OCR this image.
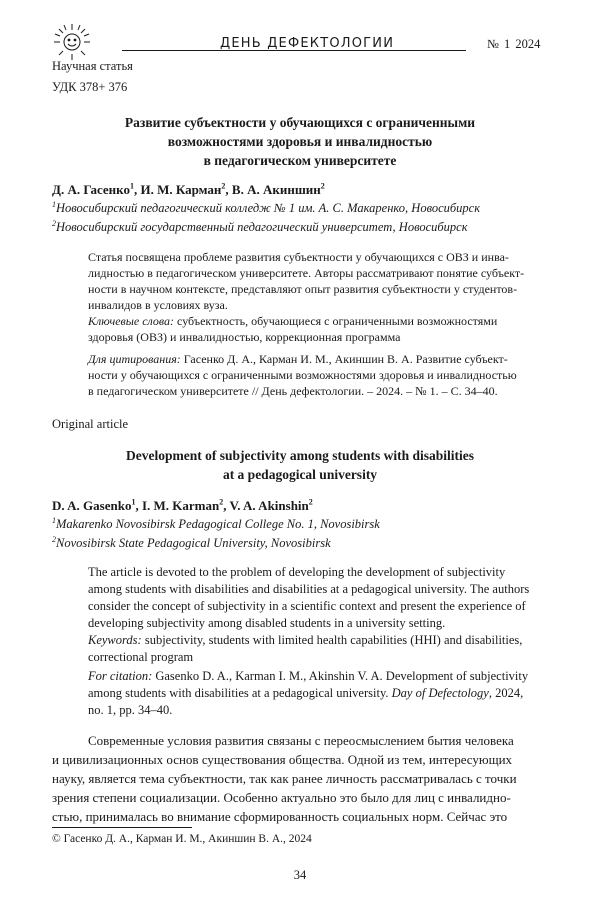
ДЕНЬ ДЕФЕКТОЛОГИИ	№ 1 2024
Научная статья
УДК 378+ 376
Развитие субъектности у обучающихся с ограниченными
возможностями здоровья и инвалидностью
в педагогическом университете
Д. А. Гасенко$^1$, И. М. Карман$^2$, В. А. Акиншин$^2$
$^1$Новосибирский педагогический колледж № 1 им. А. С. Макаренко, Новосибирск
$^2$Новосибирский государственный педагогический университет, Новосибирск
Статья посвящена проблеме развития субъектности у обучающихся с ОВЗ и инва-
лидностью в педагогическом университете. Авторы рассматривают понятие субъект-
ности в научном контексте, представляют опыт развития субъектности у студентов-
инвалидов в условиях вуза.
Ключевые слова: субъектность, обучающиеся с ограниченными возможностями
здоровья (ОВЗ) и инвалидностью, коррекционная программа
Для цитирования: Гасенко Д. А., Карман И. М., Акиншин В. А. Развитие субъект-
ности у обучающихся с ограниченными возможностями здоровья и инвалидностью
в педагогическом университете // День дефектологии. – 2024. – № 1. – С. 34–40.
Original article
Development of subjectivity among students with disabilities
at a pedagogical university
D. A. Gasenko$^1$, I. M. Karman$^2$, V. A. Akinshin$^2$
$^1$Makarenko Novosibirsk Pedagogical College No. 1, Novosibirsk
$^2$Novosibirsk State Pedagogical University, Novosibirsk
The article is devoted to the problem of developing the development of subjectivity
among students with disabilities and disabilities at a pedagogical university. The authors
consider the concept of subjectivity in a scientific context and present the experience of
developing subjectivity among disabled students in a university setting.
Keywords: subjectivity, students with limited health capabilities (HHI) and disabilities,
correctional program
For citation: Gasenko D. A., Karman I. M., Akinshin V. A. Development of subjectivity
among students with disabilities at a pedagogical university. Day of Defectology, 2024,
no. 1, pp. 34–40.
Современные условия развития связаны с переосмыслением бытия человека
и цивилизационных основ существования общества. Одной из тем, интересующих
науку, является тема субъектности, так как ранее личность рассматривалась с точки
зрения степени социализации. Особенно актуально это было для лиц с инвалидно-
стью, принималась во внимание сформированность социальных норм. Сейчас это
© Гасенко Д. А., Карман И. М., Акиншин В. А., 2024
34
